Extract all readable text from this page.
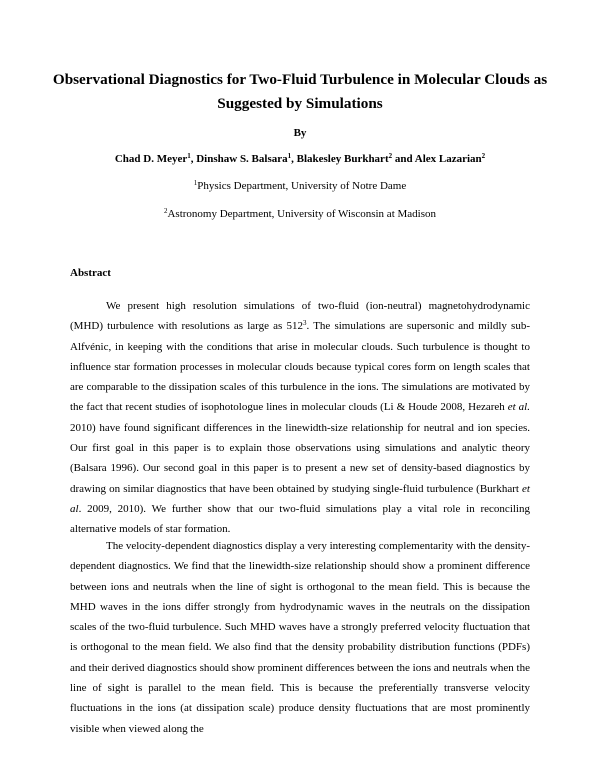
Observational Diagnostics for Two-Fluid Turbulence in Molecular Clouds as Suggested by Simulations
By
Chad D. Meyer$^1$, Dinshaw S. Balsara$^1$, Blakesley Burkhart$^2$ and Alex Lazarian$^2$
$^1$Physics Department, University of Notre Dame
$^2$Astronomy Department, University of Wisconsin at Madison
Abstract

We present high resolution simulations of two-fluid (ion-neutral) magnetohydrodynamic (MHD) turbulence with resolutions as large as $512^3$. The simulations are supersonic and mildly sub-Alfvénic, in keeping with the conditions that arise in molecular clouds. Such turbulence is thought to influence star formation processes in molecular clouds because typical cores form on length scales that are comparable to the dissipation scales of this turbulence in the ions. The simulations are motivated by the fact that recent studies of isophotologue lines in molecular clouds (Li & Houde 2008, Hezareh et al. 2010) have found significant differences in the linewidth-size relationship for neutral and ion species. Our first goal in this paper is to explain those observations using simulations and analytic theory (Balsara 1996). Our second goal in this paper is to present a new set of density-based diagnostics by drawing on similar diagnostics that have been obtained by studying single-fluid turbulence (Burkhart et al. 2009, 2010). We further show that our two-fluid simulations play a vital role in reconciling alternative models of star formation.

The velocity-dependent diagnostics display a very interesting complementarity with the density-dependent diagnostics. We find that the linewidth-size relationship should show a prominent difference between ions and neutrals when the line of sight is orthogonal to the mean field. This is because the MHD waves in the ions differ strongly from hydrodynamic waves in the neutrals on the dissipation scales of the two-fluid turbulence. Such MHD waves have a strongly preferred velocity fluctuation that is orthogonal to the mean field. We also find that the density probability distribution functions (PDFs) and their derived diagnostics should show prominent differences between the ions and neutrals when the line of sight is parallel to the mean field. This is because the preferentially transverse velocity fluctuations in the ions (at dissipation scale) produce density fluctuations that are most prominently visible when viewed along the
